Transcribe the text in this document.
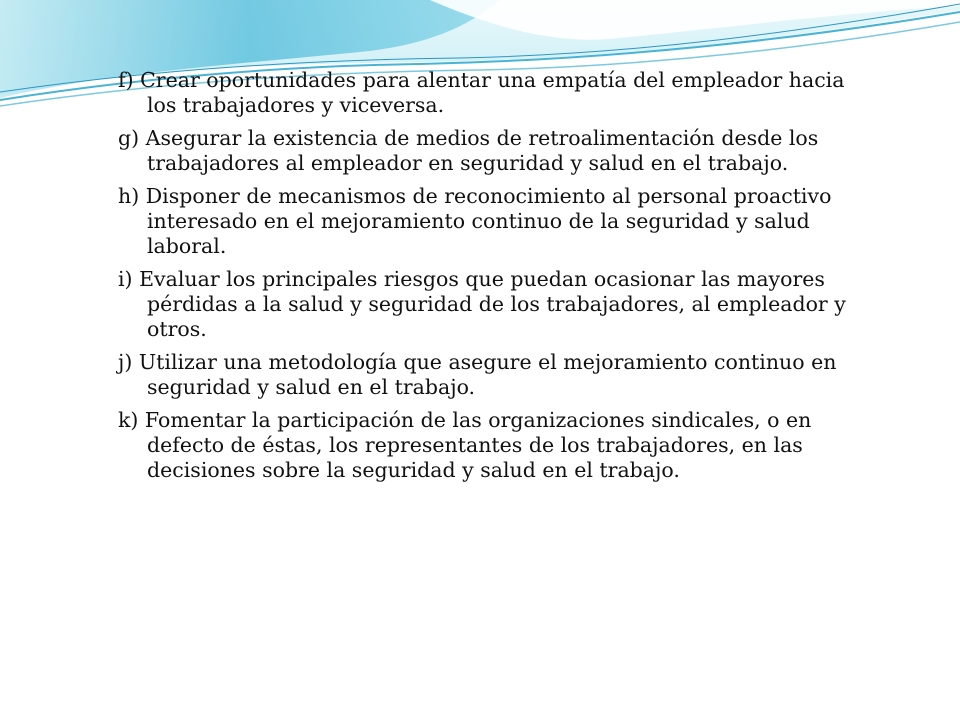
f) Crear oportunidades para alentar una empatía del empleador hacia los trabajadores y viceversa.

g) Asegurar la existencia de medios de retroalimentación desde los trabajadores al empleador en seguridad y salud en el trabajo.

h) Disponer de mecanismos de reconocimiento al personal proactivo interesado en el mejoramiento continuo de la seguridad y salud laboral.

i) Evaluar los principales riesgos que puedan ocasionar las mayores pérdidas a la salud y seguridad de los trabajadores, al empleador y otros.

j) Utilizar una metodología que asegure el mejoramiento continuo en seguridad y salud en el trabajo.

k) Fomentar la participación de las organizaciones sindicales, o en defecto de éstas, los representantes de los trabajadores, en las decisiones sobre la seguridad y salud en el trabajo.
